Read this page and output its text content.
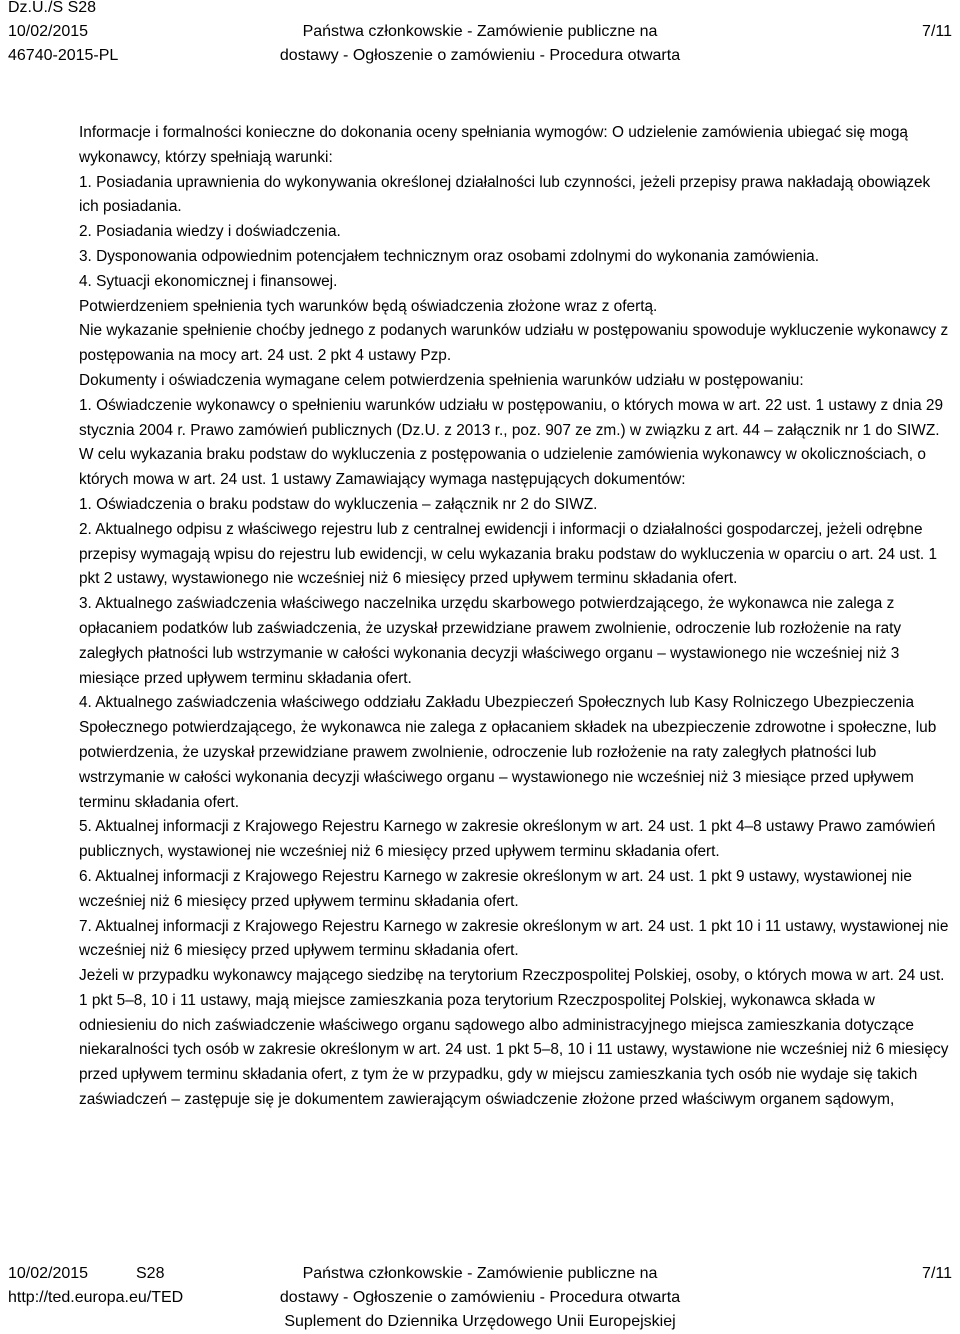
Dz.U./S S28
10/02/2015
46740-2015-PL
Państwa członkowskie - Zamówienie publiczne na
dostawy - Ogłoszenie o zamówieniu - Procedura otwarta
7/11

Informacje i formalności konieczne do dokonania oceny spełniania wymogów: O udzielenie zamówienia ubiegać się mogą wykonawcy, którzy spełniają warunki:

1. Posiadania uprawnienia do wykonywania określonej działalności lub czynności, jeżeli przepisy prawa nakładają obowiązek ich posiadania.

2. Posiadania wiedzy i doświadczenia.

3. Dysponowania odpowiednim potencjałem technicznym oraz osobami zdolnymi do wykonania zamówienia.

4. Sytuacji ekonomicznej i finansowej.

Potwierdzeniem spełnienia tych warunków będą oświadczenia złożone wraz z ofertą.

Nie wykazanie spełnienie choćby jednego z podanych warunków udziału w postępowaniu spowoduje wykluczenie wykonawcy z postępowania na mocy art. 24 ust. 2 pkt 4 ustawy Pzp.

Dokumenty i oświadczenia wymagane celem potwierdzenia spełnienia warunków udziału w postępowaniu:

1. Oświadczenie wykonawcy o spełnieniu warunków udziału w postępowaniu, o których mowa w art. 22 ust. 1 ustawy z dnia 29 stycznia 2004 r. Prawo zamówień publicznych (Dz.U. z 2013 r., poz. 907 ze zm.) w związku z art. 44 – załącznik nr 1 do SIWZ.

W celu wykazania braku podstaw do wykluczenia z postępowania o udzielenie zamówienia wykonawcy w okolicznościach, o których mowa w art. 24 ust. 1 ustawy Zamawiający wymaga następujących dokumentów:

1. Oświadczenia o braku podstaw do wykluczenia – załącznik nr 2 do SIWZ.

2. Aktualnego odpisu z właściwego rejestru lub z centralnej ewidencji i informacji o działalności gospodarczej, jeżeli odrębne przepisy wymagają wpisu do rejestru lub ewidencji, w celu wykazania braku podstaw do wykluczenia w oparciu o art. 24 ust. 1 pkt 2 ustawy, wystawionego nie wcześniej niż 6 miesięcy przed upływem terminu składania ofert.

3. Aktualnego zaświadczenia właściwego naczelnika urzędu skarbowego potwierdzającego, że wykonawca nie zalega z opłacaniem podatków lub zaświadczenia, że uzyskał przewidziane prawem zwolnienie, odroczenie lub rozłożenie na raty zaległych płatności lub wstrzymanie w całości wykonania decyzji właściwego organu – wystawionego nie wcześniej niż 3 miesiące przed upływem terminu składania ofert.

4. Aktualnego zaświadczenia właściwego oddziału Zakładu Ubezpieczeń Społecznych lub Kasy Rolniczego Ubezpieczenia Społecznego potwierdzającego, że wykonawca nie zalega z opłacaniem składek na ubezpieczenie zdrowotne i społeczne, lub potwierdzenia, że uzyskał przewidziane prawem zwolnienie, odroczenie lub rozłożenie na raty zaległych płatności lub wstrzymanie w całości wykonania decyzji właściwego organu – wystawionego nie wcześniej niż 3 miesiące przed upływem terminu składania ofert.

5. Aktualnej informacji z Krajowego Rejestru Karnego w zakresie określonym w art. 24 ust. 1 pkt 4–8 ustawy Prawo zamówień publicznych, wystawionej nie wcześniej niż 6 miesięcy przed upływem terminu składania ofert.

6. Aktualnej informacji z Krajowego Rejestru Karnego w zakresie określonym w art. 24 ust. 1 pkt 9 ustawy, wystawionej nie wcześniej niż 6 miesięcy przed upływem terminu składania ofert.

7. Aktualnej informacji z Krajowego Rejestru Karnego w zakresie określonym w art. 24 ust. 1 pkt 10 i 11 ustawy, wystawionej nie wcześniej niż 6 miesięcy przed upływem terminu składania ofert.

Jeżeli w przypadku wykonawcy mającego siedzibę na terytorium Rzeczpospolitej Polskiej, osoby, o których mowa w art. 24 ust. 1 pkt 5–8, 10 i 11 ustawy, mają miejsce zamieszkania poza terytorium Rzeczpospolitej Polskiej, wykonawca składa w odniesieniu do nich zaświadczenie właściwego organu sądowego albo administracyjnego miejsca zamieszkania dotyczące niekaralności tych osób w zakresie określonym w art. 24 ust. 1 pkt 5–8, 10 i 11 ustawy, wystawione nie wcześniej niż 6 miesięcy przed upływem terminu składania ofert, z tym że w przypadku, gdy w miejscu zamieszkania tych osób nie wydaje się takich zaświadczeń – zastępuje się je dokumentem zawierającym oświadczenie złożone przed właściwym organem sądowym,

10/02/2015	S28
http://ted.europa.eu/TED
Państwa członkowskie - Zamówienie publiczne na
dostawy - Ogłoszenie o zamówieniu - Procedura otwarta
Suplement do Dziennika Urzędowego Unii Europejskiej
7/11
